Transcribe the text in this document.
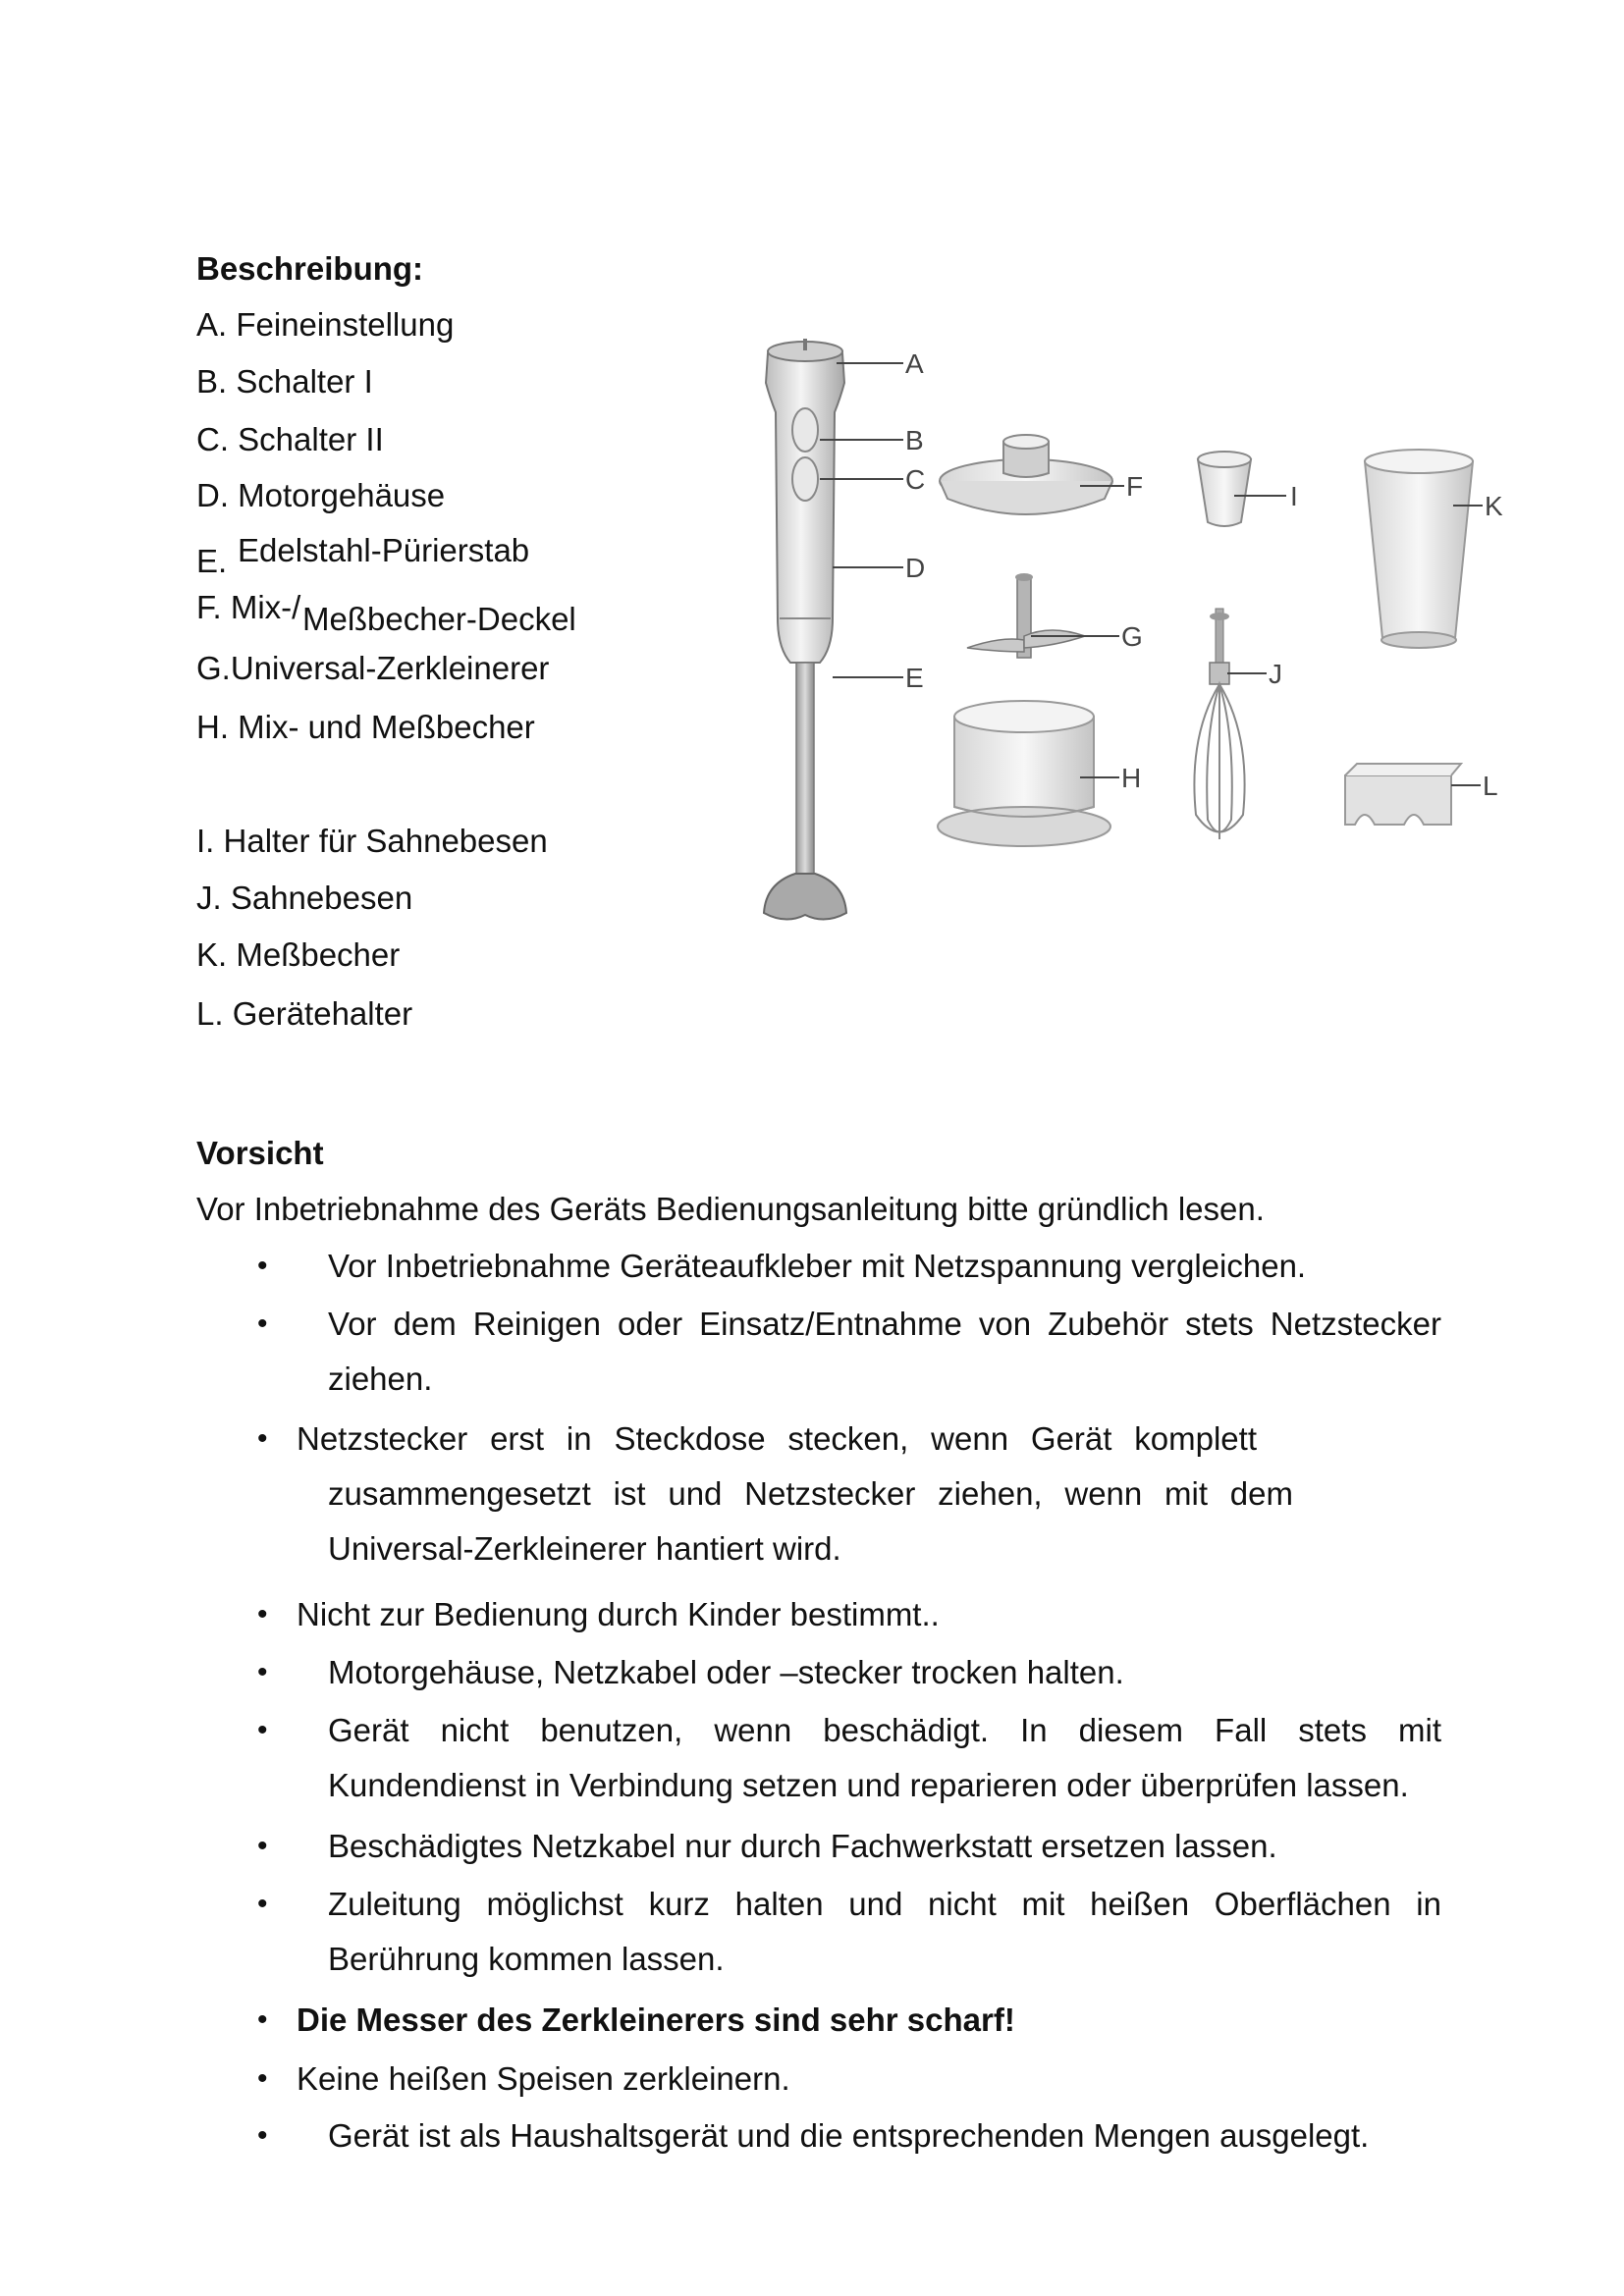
Beschreibung:
A. Feineinstellung
B. Schalter I
C. Schalter II
D. Motorgehäuse
E. Edelstahl-Pürierstab
F. Mix-/ Meßbecher-Deckel
G.Universal-Zerkleinerer
H. Mix- und Meßbecher
I. Halter für Sahnebesen
J. Sahnebesen
K. Meßbecher
L. Gerätehalter
A
B
C
D
E
F
G
H
I
J
K
L
Vorsicht
Vor Inbetriebnahme des Geräts Bedienungsanleitung bitte gründlich lesen.
• Vor Inbetriebnahme Geräteaufkleber mit Netzspannung vergleichen.
• Vor dem Reinigen oder Einsatz/Entnahme von Zubehör stets Netzstecker
ziehen.
• Netzstecker erst in Steckdose stecken, wenn Gerät komplett
zusammengesetzt ist und Netzstecker ziehen, wenn mit dem
Universal-Zerkleinerer hantiert wird.
• Nicht zur Bedienung durch Kinder bestimmt..
• Motorgehäuse, Netzkabel oder –stecker trocken halten.
• Gerät nicht benutzen, wenn beschädigt. In diesem Fall stets mit
Kundendienst in Verbindung setzen und reparieren oder überprüfen lassen.
• Beschädigtes Netzkabel nur durch Fachwerkstatt ersetzen lassen.
• Zuleitung möglichst kurz halten und nicht mit heißen Oberflächen in
Berührung kommen lassen.
• Die Messer des Zerkleinerers sind sehr scharf!
• Keine heißen Speisen zerkleinern.
• Gerät ist als Haushaltsgerät und die entsprechenden Mengen ausgelegt.
